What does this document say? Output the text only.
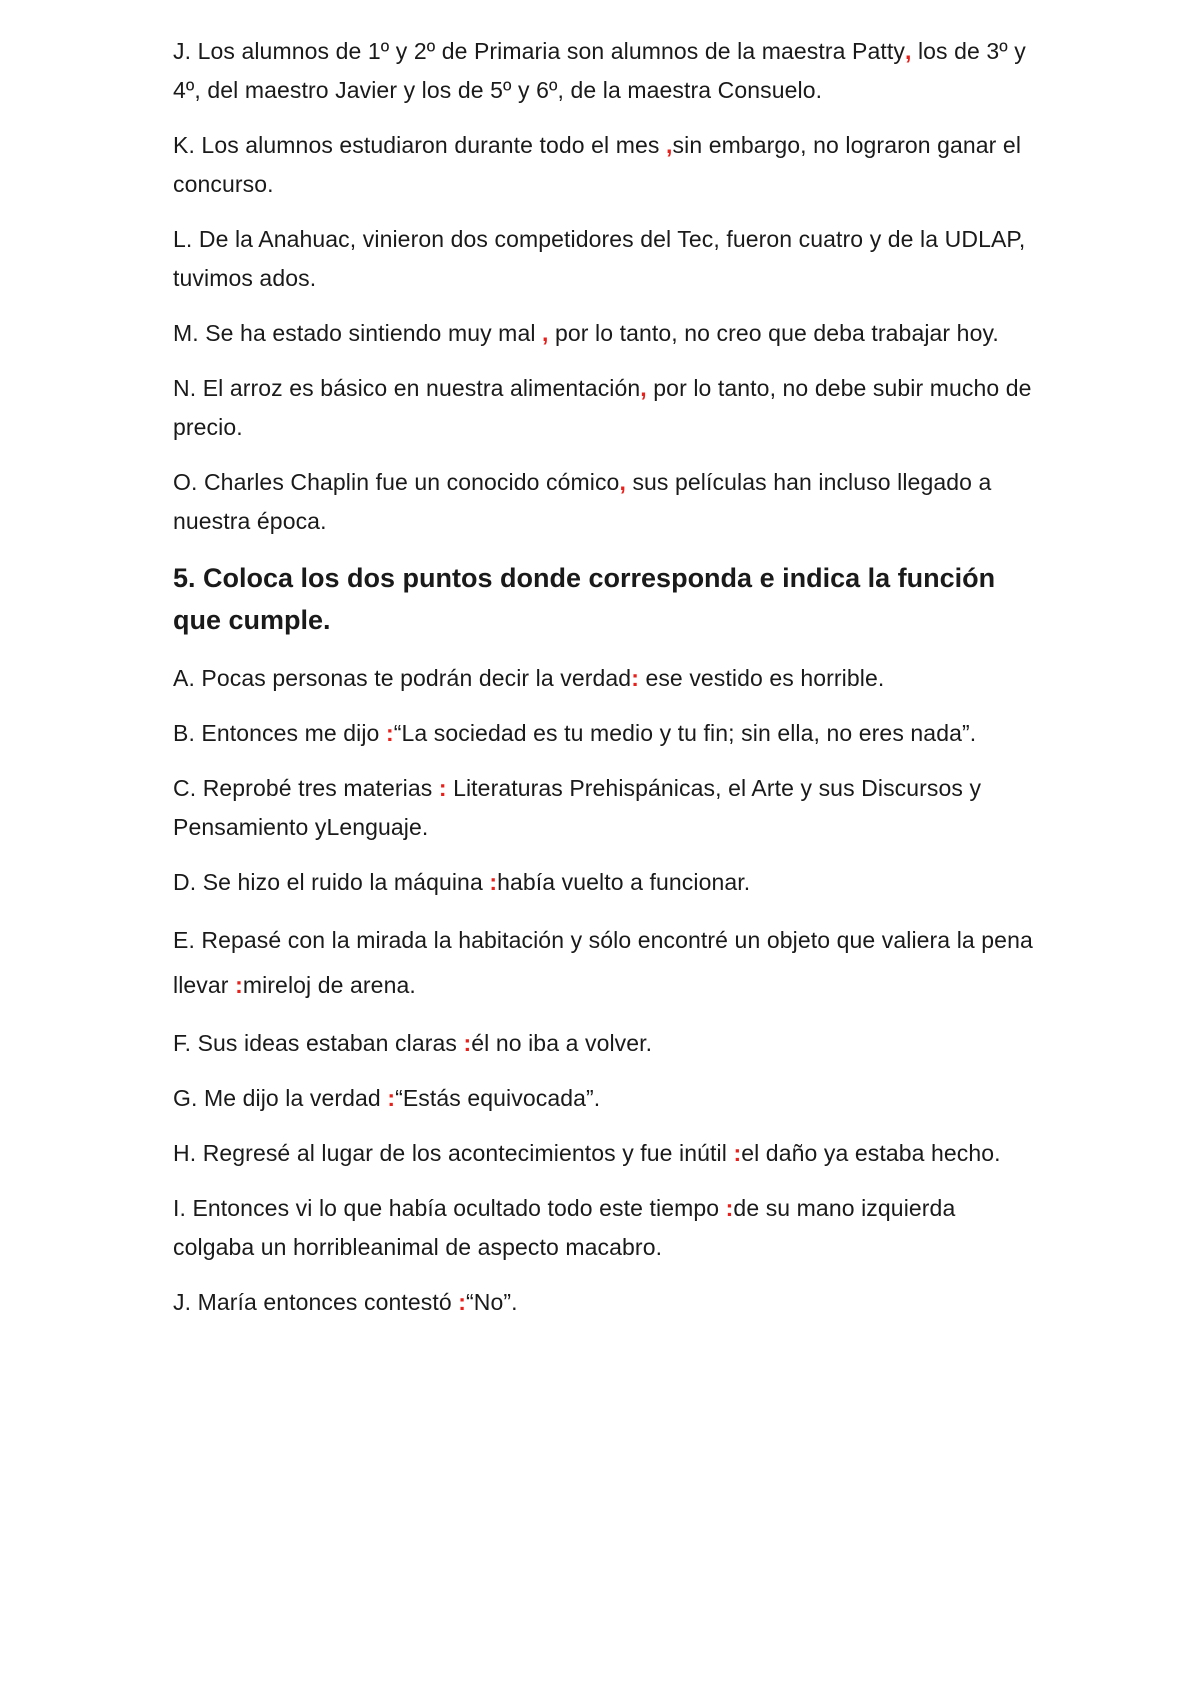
J. Los alumnos de 1º y 2º de Primaria son alumnos de la maestra Patty, los de 3º y 4º, del maestro Javier y los de 5º y 6º, de la maestra Consuelo.

K. Los alumnos estudiaron durante todo el mes ,sin embargo, no lograron ganar el concurso.

L. De la Anahuac, vinieron dos competidores del Tec, fueron cuatro y de la UDLAP, tuvimos ados.

M. Se ha estado sintiendo muy mal , por lo tanto, no creo que deba trabajar hoy.

N. El arroz es básico en nuestra alimentación, por lo tanto, no debe subir mucho de precio.

O. Charles Chaplin fue un conocido cómico, sus películas han incluso llegado a nuestra época.

5. Coloca los dos puntos donde corresponda e indica la función que cumple.

A. Pocas personas te podrán decir la verdad: ese vestido es horrible.

B. Entonces me dijo :“La sociedad es tu medio y tu fin; sin ella, no eres nada”.

C. Reprobé tres materias : Literaturas Prehispánicas, el Arte y sus Discursos y Pensamiento yLenguaje.

D. Se hizo el ruido la máquina :había vuelto a funcionar.

E. Repasé con la mirada la habitación y sólo encontré un objeto que valiera la pena llevar :mireloj de arena.

F. Sus ideas estaban claras :él no iba a volver.

G. Me dijo la verdad :“Estás equivocada”.

H. Regresé al lugar de los acontecimientos y fue inútil :el daño ya estaba hecho.

I. Entonces vi lo que había ocultado todo este tiempo :de su mano izquierda colgaba un horribleanimal de aspecto macabro.

J. María entonces contestó :“No”.
